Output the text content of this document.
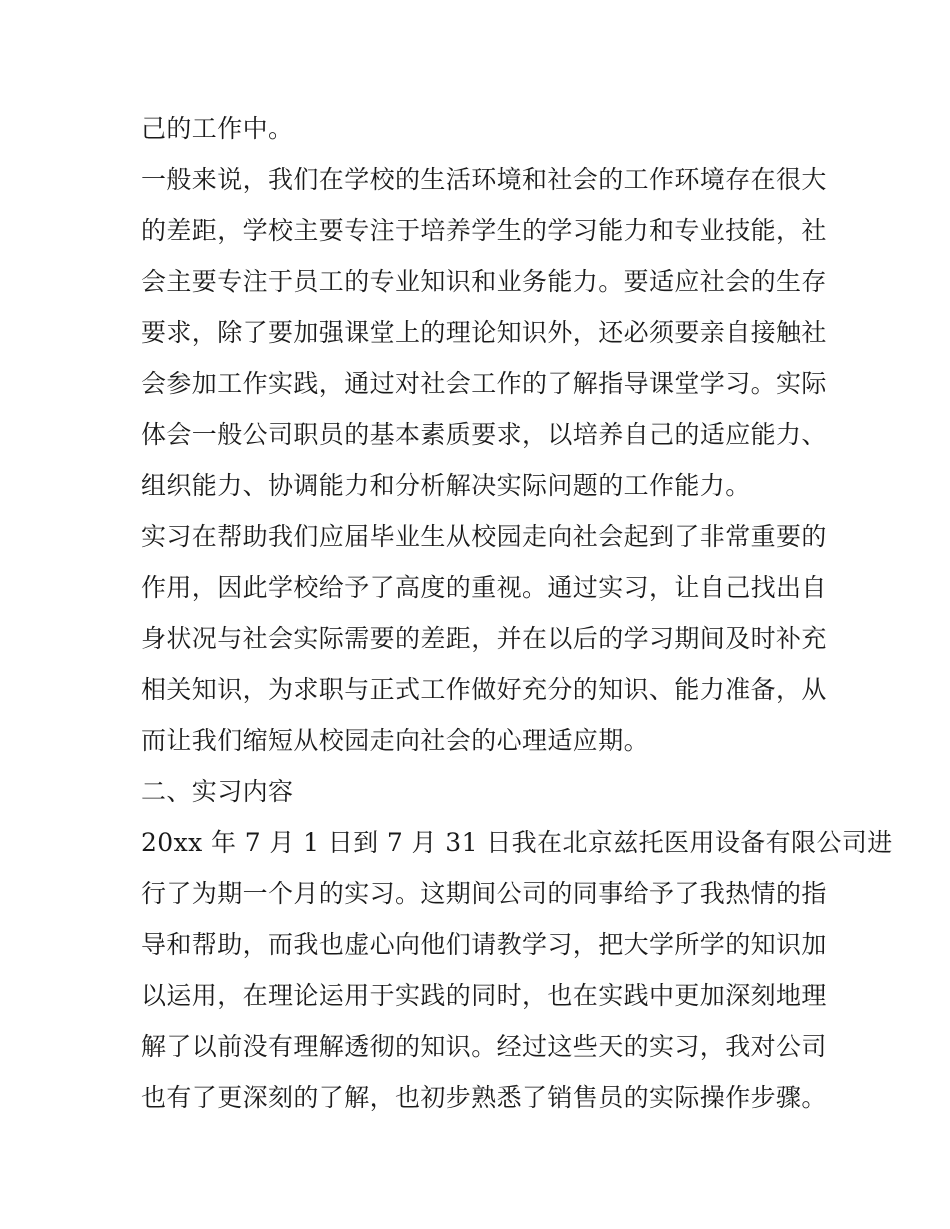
己的工作中。
一般来说，我们在学校的生活环境和社会的工作环境存在很大
的差距，学校主要专注于培养学生的学习能力和专业技能，社
会主要专注于员工的专业知识和业务能力。要适应社会的生存
要求，除了要加强课堂上的理论知识外，还必须要亲自接触社
会参加工作实践，通过对社会工作的了解指导课堂学习。实际
体会一般公司职员的基本素质要求，以培养自己的适应能力、
组织能力、协调能力和分析解决实际问题的工作能力。
实习在帮助我们应届毕业生从校园走向社会起到了非常重要的
作用，因此学校给予了高度的重视。通过实习，让自己找出自
身状况与社会实际需要的差距，并在以后的学习期间及时补充
相关知识，为求职与正式工作做好充分的知识、能力准备，从
而让我们缩短从校园走向社会的心理适应期。
二、实习内容
20xx 年 7 月 1 日到 7 月 31 日我在北京兹托医用设备有限公司进
行了为期一个月的实习。这期间公司的同事给予了我热情的指
导和帮助，而我也虚心向他们请教学习，把大学所学的知识加
以运用，在理论运用于实践的同时，也在实践中更加深刻地理
解了以前没有理解透彻的知识。经过这些天的实习，我对公司
也有了更深刻的了解，也初步熟悉了销售员的实际操作步骤。
